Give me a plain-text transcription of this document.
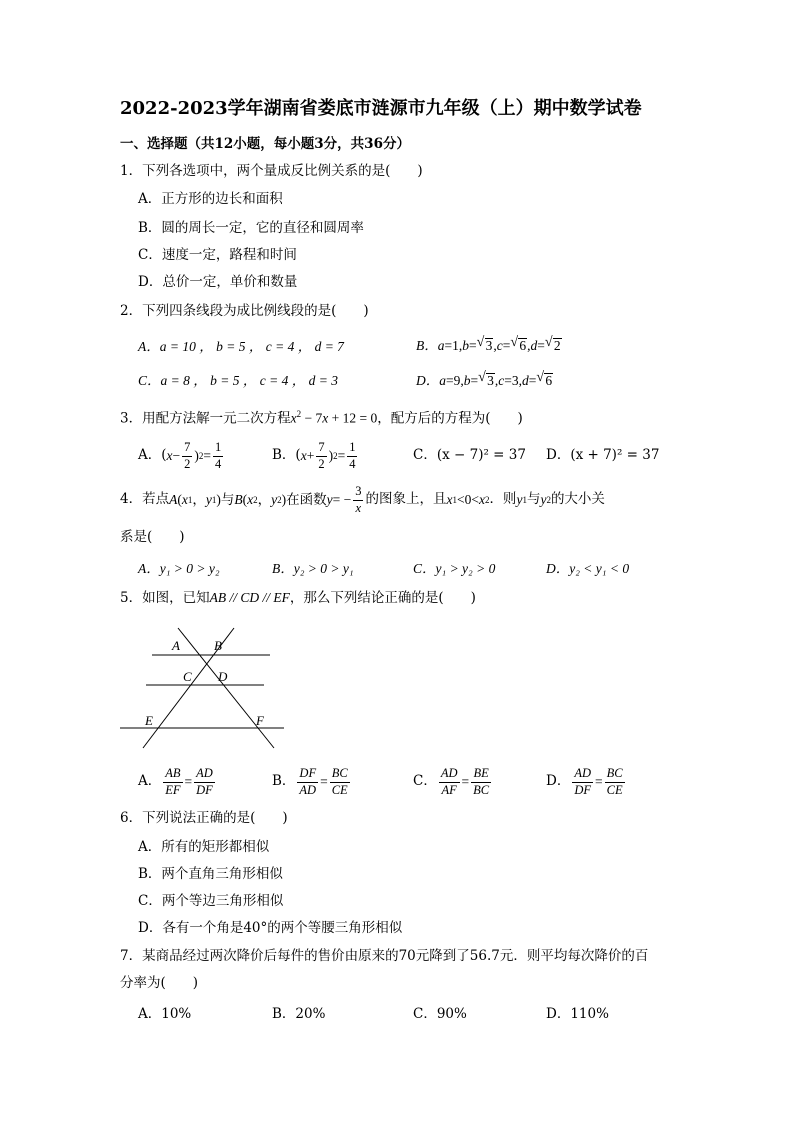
2022-2023学年湖南省娄底市涟源市九年级（上）期中数学试卷
一、选择题（共12小题，每小题3分，共36分）
1．下列各选项中，两个量成反比例关系的是(　　)
A．正方形的边长和面积
B．圆的周长一定，它的直径和圆周率
C．速度一定，路程和时间
D．总价一定，单价和数量
2．下列四条线段为成比例线段的是(　　)
A．a = 10 ， b = 5 ， c = 4 ， d = 7	B．a=1,b= √ 3,c= √ 6,d= √ 2
C．a = 8 ， b = 5 ， c = 4 ， d = 3	D．a=9,b= √ 3,c=3,d= √ 6
3．用配方法解一元二次方程$x^2 - 7x + 12 = 0$，配方后的方程为(　　)
A．( $x - \frac{7}{2}$ ) $2 = \frac{1}{4}$	B．( $x + \frac{7}{2}$ ) $2 = \frac{1}{4}$	C．(x − 7)² = 37 D．(x + 7)² = 37
4．若点 A ( x 1 ， y 1 )与 B ( x 2 ， y 2 )在函数 y = − $\frac{3}{x}$ 的图象上，且 x 1 <0< x 2 ．则 y 1 与 y 2 的大小关
系是(　　)
A．y₁ > 0 > y₂	B．y₂ > 0 > y₁	C．y₁ > y₂ > 0	D．y₂ < y₁ < 0
5．如图，已知AB // CD // EF，那么下列结论正确的是(　　)
A	B
C D
E	F
A． $\frac{AB}{EF} = \frac{AD}{DF}$	B． $\frac{DF}{AD} = \frac{BC}{CE}$	C． $\frac{AD}{AF} = \frac{BE}{BC}$	D． $\frac{AD}{DF} = \frac{BC}{CE}$
6．下列说法正确的是(　　)
A．所有的矩形都相似
B．两个直角三角形相似
C．两个等边三角形相似
D．各有一个角是40°的两个等腰三角形相似
7．某商品经过两次降价后每件的售价由原来的70元降到了56.7元．则平均每次降价的百
分率为(　　)
A．10%	B．20%	C．90%	D．110%
